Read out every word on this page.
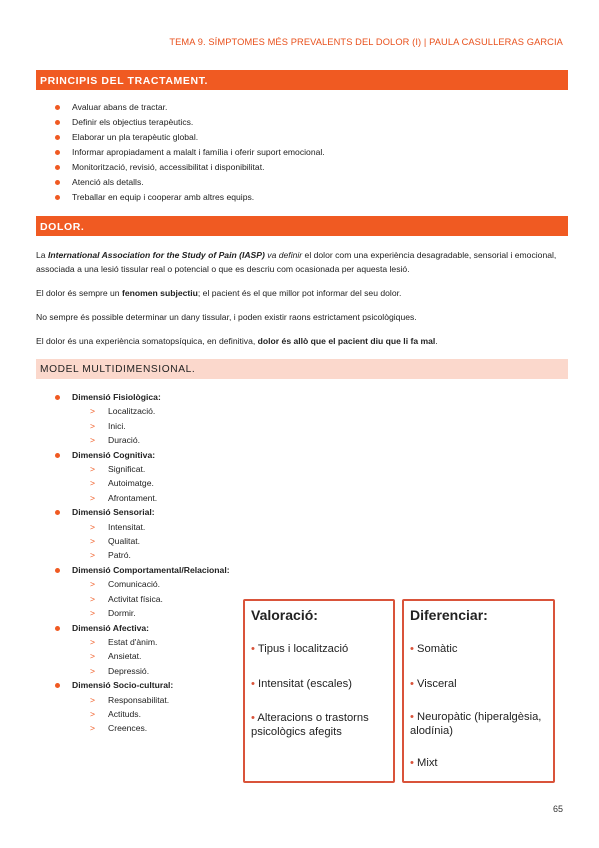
TEMA 9. SÍMPTOMES MÉS PREVALENTS DEL DOLOR (I) | PAULA CASULLERAS GARCIA
PRINCIPIS DEL TRACTAMENT.
Avaluar abans de tractar.
Definir els objectius terapèutics.
Elaborar un pla terapèutic global.
Informar apropiadament a malalt i família i oferir suport emocional.
Monitorització, revisió, accessibilitat i disponibilitat.
Atenció als detalls.
Treballar en equip i cooperar amb altres equips.
DOLOR.

La International Association for the Study of Pain (IASP) va definir el dolor com una experiència desagradable, sensorial i emocional, associada a una lesió tissular real o potencial o que es descriu com ocasionada per aquesta lesió.

El dolor és sempre un fenomen subjectiu; el pacient és el que millor pot informar del seu dolor.

No sempre és possible determinar un dany tissular, i poden existir raons estrictament psicològiques.

El dolor és una experiència somatopsíquica, en definitiva, dolor és allò que el pacient diu que li fa mal.

MODEL MULTIDIMENSIONAL.
Dimensió Fisiològica:
> Localització.
> Inici.
> Duració.
Dimensió Cognitiva:
> Significat.
> Autoimatge.
> Afrontament.
Dimensió Sensorial:
> Intensitat.
> Qualitat.
> Patró.
Dimensió Comportamental/Relacional:
> Comunicació.
> Activitat física.
> Dormir.
Dimensió Afectiva:
> Estat d'ànim.
> Ansietat.
> Depressió.
Dimensió Socio-cultural:
> Responsabilitat.
> Actituds.
> Creences.
Valoració:
• Tipus i localització
• Intensitat (escales)
• Alteracions o trastorns
psicològics afegits
Diferenciar:
• Somàtic
• Visceral
• Neuropàtic (hiperalgèsia,
alodínia)
• Mixt
65
